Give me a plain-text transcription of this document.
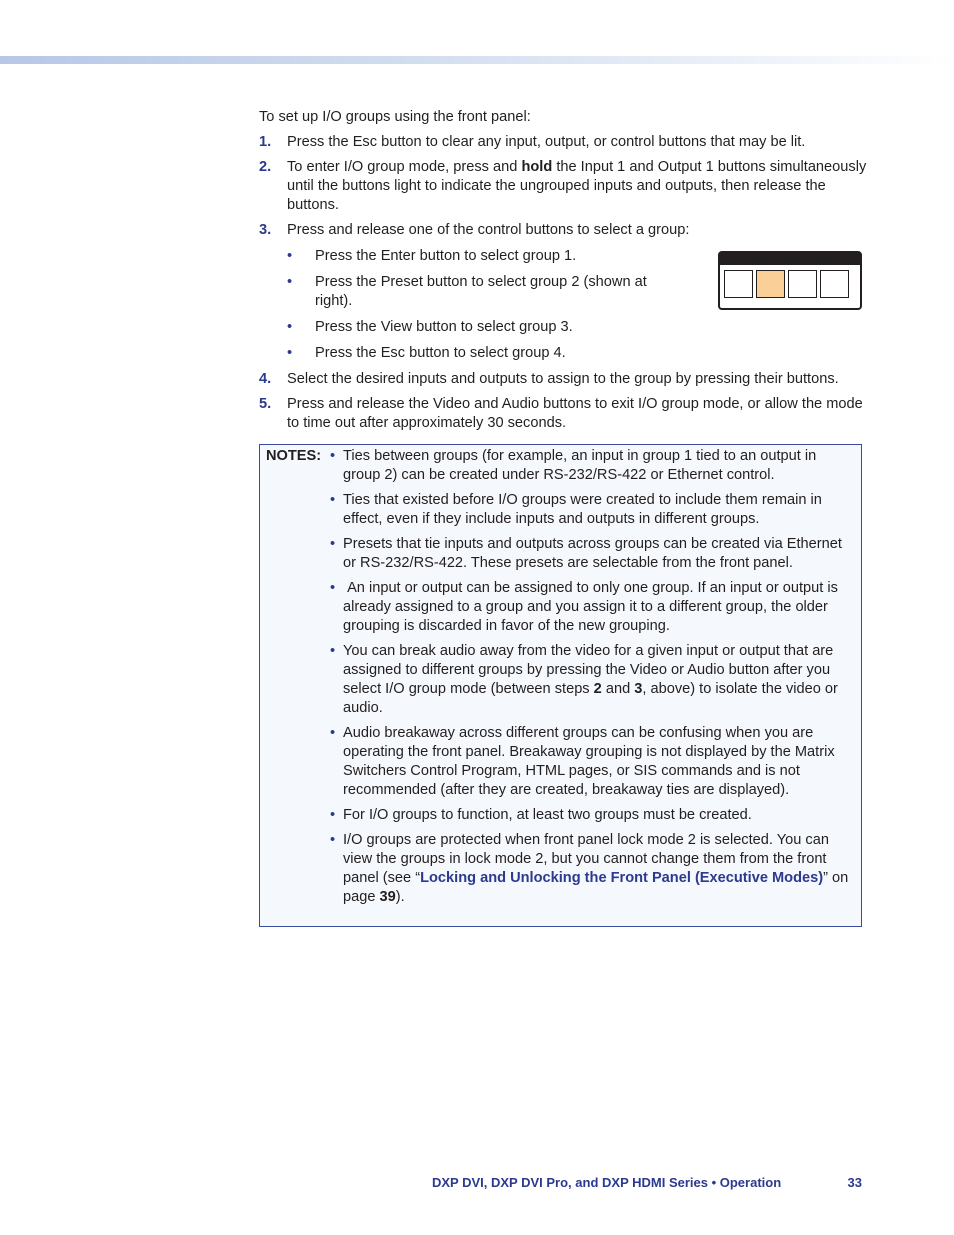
To set up I/O groups using the front panel:

1. Press the Esc button to clear any input, output, or control buttons that may be lit.
2. To enter I/O group mode, press and hold the Input 1 and Output 1 buttons simultaneously until the buttons light to indicate the ungrouped inputs and outputs, then release the buttons.
3. Press and release one of the control buttons to select a group:
• Press the Enter button to select group 1.
• Press the Preset button to select group 2 (shown at right).
• Press the View button to select group 3.
• Press the Esc button to select group 4.
4. Select the desired inputs and outputs to assign to the group by pressing their buttons.
5. Press and release the Video and Audio buttons to exit I/O group mode, or allow the mode to time out after approximately 30 seconds.
NOTES: • Ties between groups (for example, an input in group 1 tied to an output in group 2) can be created under RS-232/RS-422 or Ethernet control.
• Ties that existed before I/O groups were created to include them remain in effect, even if they include inputs and outputs in different groups.
• Presets that tie inputs and outputs across groups can be created via Ethernet or RS-232/RS-422. These presets are selectable from the front panel.
• An input or output can be assigned to only one group. If an input or output is already assigned to a group and you assign it to a different group, the older grouping is discarded in favor of the new grouping.
• You can break audio away from the video for a given input or output that are assigned to different groups by pressing the Video or Audio button after you select I/O group mode (between steps 2 and 3, above) to isolate the video or audio.
• Audio breakaway across different groups can be confusing when you are operating the front panel. Breakaway grouping is not displayed by the Matrix Switchers Control Program, HTML pages, or SIS commands and is not recommended (after they are created, breakaway ties are displayed).
• For I/O groups to function, at least two groups must be created.
• I/O groups are protected when front panel lock mode 2 is selected. You can view the groups in lock mode 2, but you cannot change them from the front panel (see “Locking and Unlocking the Front Panel (Executive Modes)” on page 39).
DXP DVI, DXP DVI Pro, and DXP HDMI Series • Operation	33
